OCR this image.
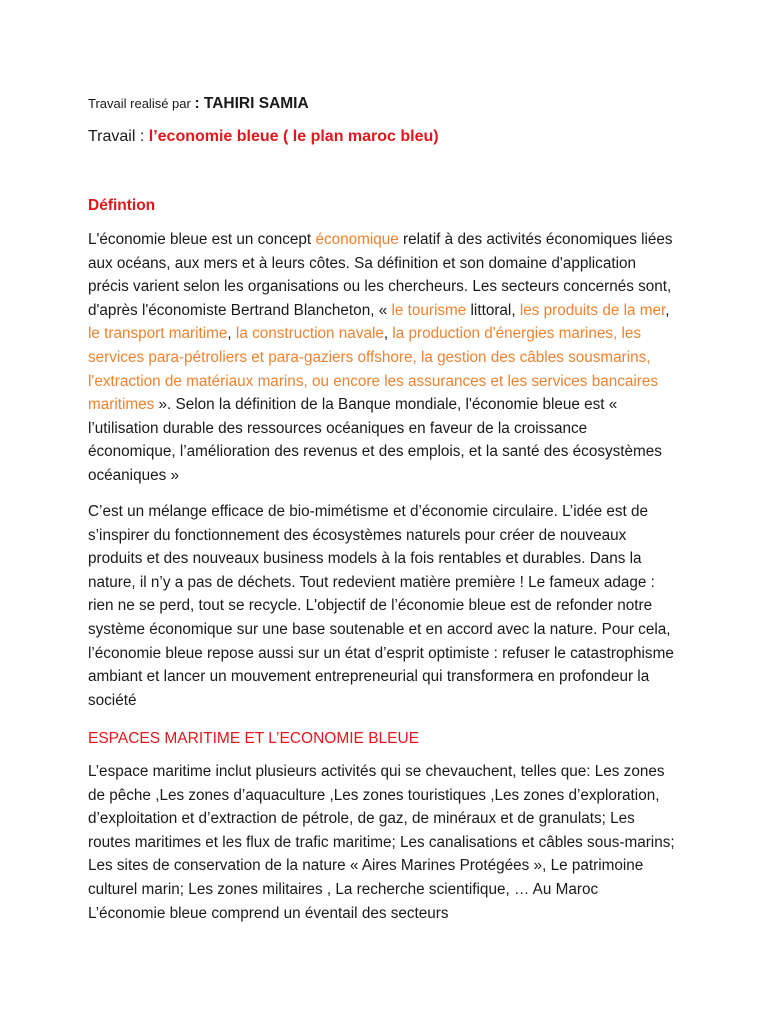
Travail realisé par : TAHIRI SAMIA
Travail : l’economie bleue ( le plan maroc bleu)
Défintion
L'économie bleue est un concept économique relatif à des activités économiques liées aux océans, aux mers et à leurs côtes. Sa définition et son domaine d'application précis varient selon les organisations ou les chercheurs. Les secteurs concernés sont, d'après l'économiste Bertrand Blancheton, « le tourisme littoral, les produits de la mer, le transport maritime, la construction navale, la production d'énergies marines, les services para-pétroliers et para-gaziers offshore, la gestion des câbles sousmarins, l'extraction de matériaux marins, ou encore les assurances et les services bancaires maritimes ». Selon la définition de la Banque mondiale, l'économie bleue est « l’utilisation durable des ressources océaniques en faveur de la croissance économique, l’amélioration des revenus et des emplois, et la santé des écosystèmes océaniques »
C’est un mélange efficace de bio-mimétisme et d’économie circulaire. L’idée est de s’inspirer du fonctionnement des écosystèmes naturels pour créer de nouveaux produits et des nouveaux business models à la fois rentables et durables. Dans la nature, il n’y a pas de déchets. Tout redevient matière première ! Le fameux adage : rien ne se perd, tout se recycle. L'objectif de l’économie bleue est de refonder notre système économique sur une base soutenable et en accord avec la nature. Pour cela, l’économie bleue repose aussi sur un état d’esprit optimiste : refuser le catastrophisme ambiant et lancer un mouvement entrepreneurial qui transformera en profondeur la société
ESPACES MARITIME ET L’ECONOMIE BLEUE
L’espace maritime inclut plusieurs activités qui se chevauchent, telles que: Les zones de pêche ,Les zones d’aquaculture ,Les zones touristiques ,Les zones d’exploration, d’exploitation et d’extraction de pétrole, de gaz, de minéraux et de granulats; Les routes maritimes et les flux de trafic maritime; Les canalisations et câbles sous-marins; Les sites de conservation de la nature « Aires Marines Protégées », Le patrimoine culturel marin; Les zones militaires , La recherche scientifique, … Au Maroc L’économie bleue comprend un éventail des secteurs
